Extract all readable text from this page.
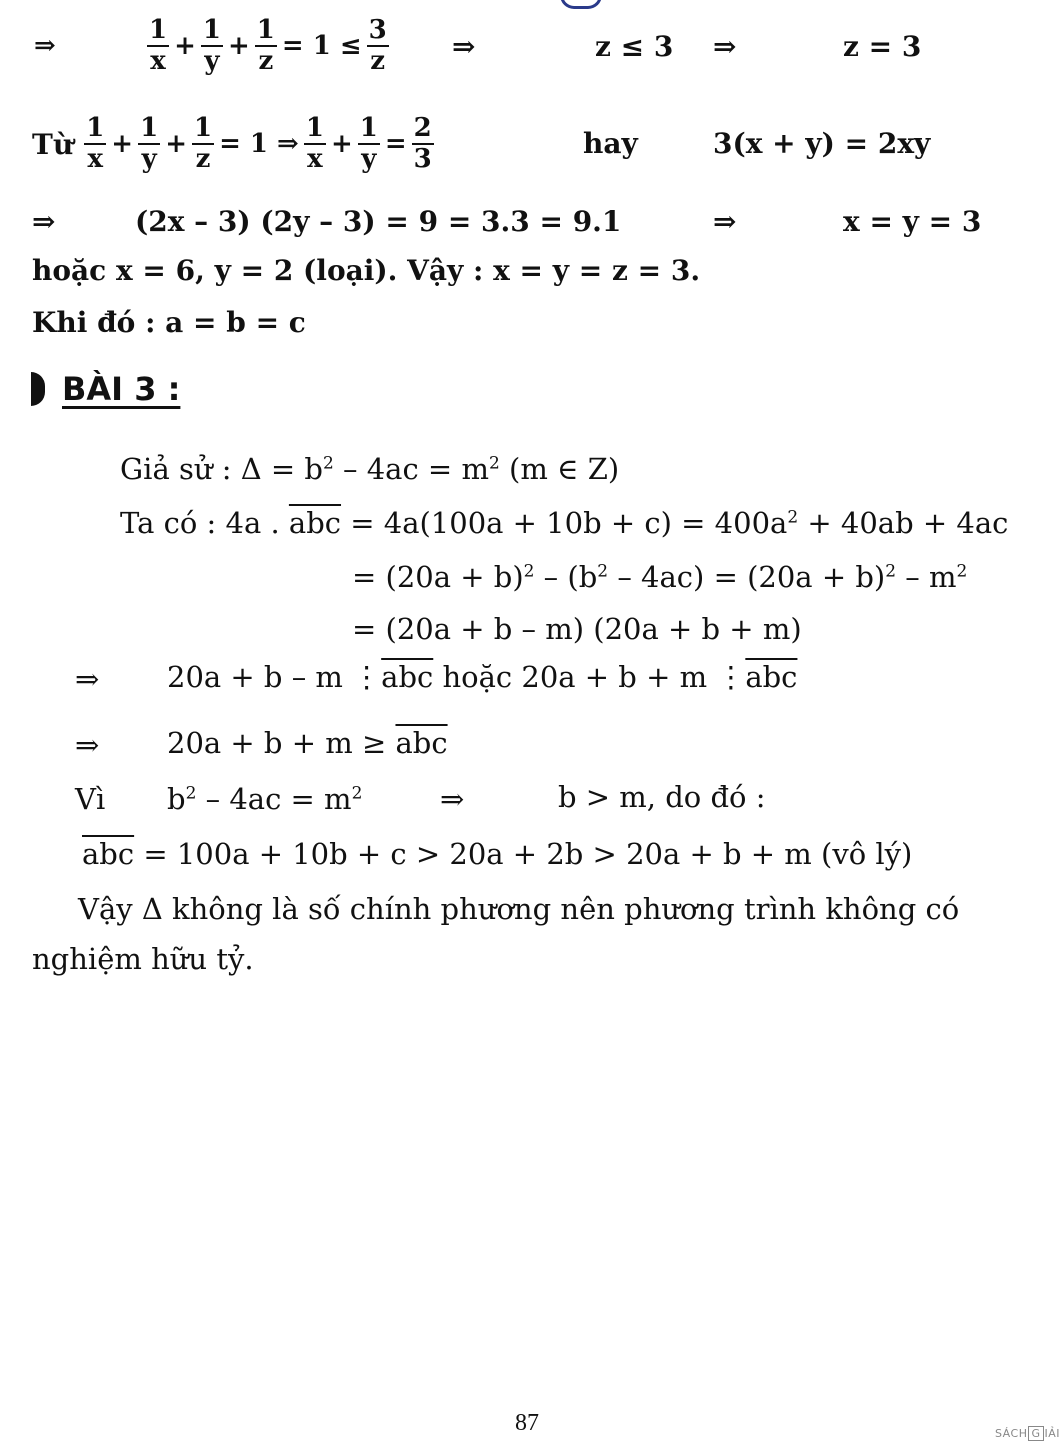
⇒	$\frac{1}{x} + \frac{1}{y} + \frac{1}{z} = 1 \le \frac{3}{z}$ ⇒	z ≤ 3 ⇒	z = 3
Từ $\frac{1}{x} + \frac{1}{y} + \frac{1}{z} = 1$ ⇒ $\frac{1}{x} + \frac{1}{y} = \frac{2}{3}$	hay	3(x + y) = 2xy
⇒	(2x – 3) (2y – 3) = 9 = 3.3 = 9.1	⇒	x = y = 3
hoặc x = 6, y = 2 (loại). Vậy : x = y = z = 3.
Khi đó : a = b = c
BÀI 3 :
Giả sử : $\Delta = b^2 - 4ac = m^2$ (m ∈ Z)
Ta có : 4a . $\overline{abc} = 4a(100a + 10b + c) = 400a^2 + 40ab + 4ac$
= $(20a + b)^2 - (b^2 - 4ac) = (20a + b)^2 - m^2$
= (20a + b – m) (20a + b + m)
⇒ 20a + b – m $⋮\overline{abc}$ hoặc 20a + b + m $⋮\overline{abc}$
⇒ $20a + b + m \ge \overline{abc}$
Vì $b^2 - 4ac = m^2$	⇒	b > m, do đó :
$\overline{abc} = 100a + 10b + c > 20a + 2b > 20a + b + m$ (vô lý)
Vậy Δ không là số chính phương nên phương trình không có
nghiệm hữu tỷ.
87	SÁCH G IẢI
